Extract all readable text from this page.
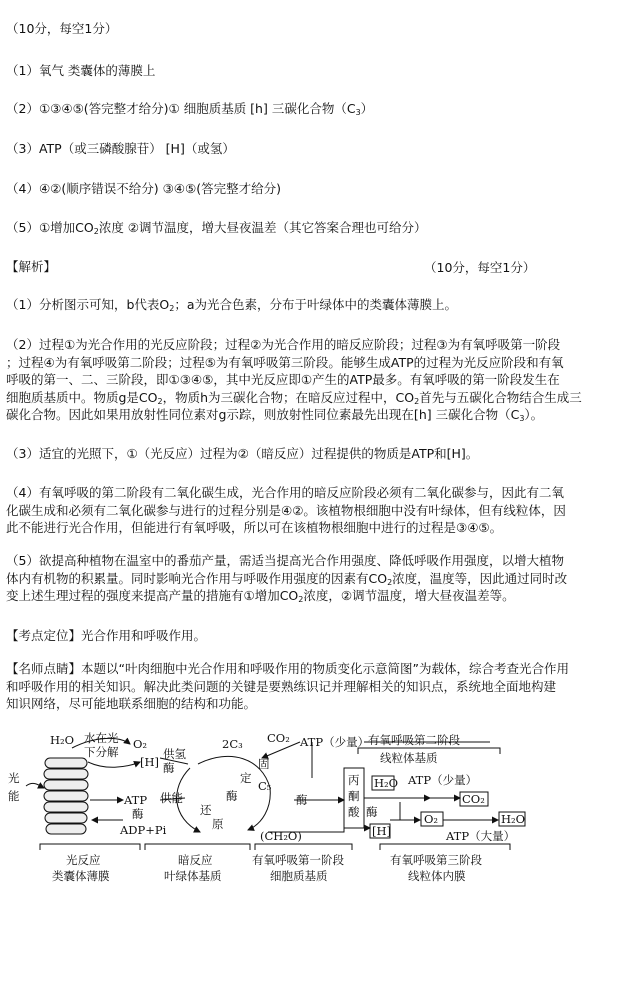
（10分，每空1分）
（1）氧气 类囊体的薄膜上
（2）①③④⑤(答完整才给分)① 细胞质基质 [h] 三碳化合物$(C_3)$
（3）ATP（或三磷酸腺苷） [H]（或氢）
（4）④②(顺序错误不给分) ③④⑤(答完整才给分)
（5）①增加$CO_2$浓度 ②调节温度，增大昼夜温差（其它答案合理也可给分）
【解析】	（10分，每空1分）
（1）分析图示可知，b代表$O_2$；a为光合色素，分布于叶绿体中的类囊体薄膜上。
（2）过程①为光合作用的光反应阶段；过程②为光合作用的暗反应阶段；过程③为有氧呼吸第一阶段
；过程④为有氧呼吸第二阶段；过程⑤为有氧呼吸第三阶段。能够生成ATP的过程为光反应阶段和有氧
呼吸的第一、二、三阶段，即①③④⑤，其中光反应即①产生的ATP最多。有氧呼吸的第一阶段发生在
细胞质基质中。物质g是$CO_2$，物质h为三碳化合物；在暗反应过程中，$CO_2$首先与五碳化合物结合生成三
碳化合物。因此如果用放射性同位素对g示踪，则放射性同位素最先出现在[h] 三碳化合物$(C_3)$。
（3）适宜的光照下，①（光反应）过程为②（暗反应）过程提供的物质是ATP和[H]。
（4）有氧呼吸的第二阶段有二氧化碳生成，光合作用的暗反应阶段必须有二氧化碳参与，因此有二氧
化碳生成和必须有二氧化碳参与进行的过程分别是④②。该植物根细胞中没有叶绿体，但有线粒体，因
此不能进行光合作用，但能进行有氧呼吸，所以可在该植物根细胞中进行的过程是③④⑤。
（5）欲提高种植物在温室中的番茄产量，需适当提高光合作用强度、降低呼吸作用强度，以增大植物
体内有机物的积累量。同时影响光合作用与呼吸作用强度的因素有$CO_2$浓度，温度等，因此通过同时改
变上述生理过程的强度来提高产量的措施有①增加$CO_2$浓度，②调节温度，增大昼夜温差等。
【考点定位】光合作用和呼吸作用。
【名师点睛】本题以“叶肉细胞中光合作用和呼吸作用的物质变化示意简图”为载体，综合考查光合作用
和呼吸作用的相关知识。解决此类问题的关键是要熟练识记并理解相关的知识点，系统地全面地构建
知识网络，尽可能地联系细胞的结构和功能。
H₂O 水在光
下分解
O₂
[H]
供氢
酶
2C₃ CO₂
固
定
酶
C₅
ATP 供能
酶
ADP+Pi
还
原
(CH₂O)
光
能	酶
ATP（少量）
有氧呼吸第二阶段
线粒体基质
丙
酮
酸 酶
H₂O ATP（少量）
CO₂
[H]
O₂	H₂O
ATP（大量）
光反应
类囊体薄膜
暗反应
叶绿体基质
有氧呼吸第一阶段
细胞质基质
有氧呼吸第三阶段
线粒体内膜
